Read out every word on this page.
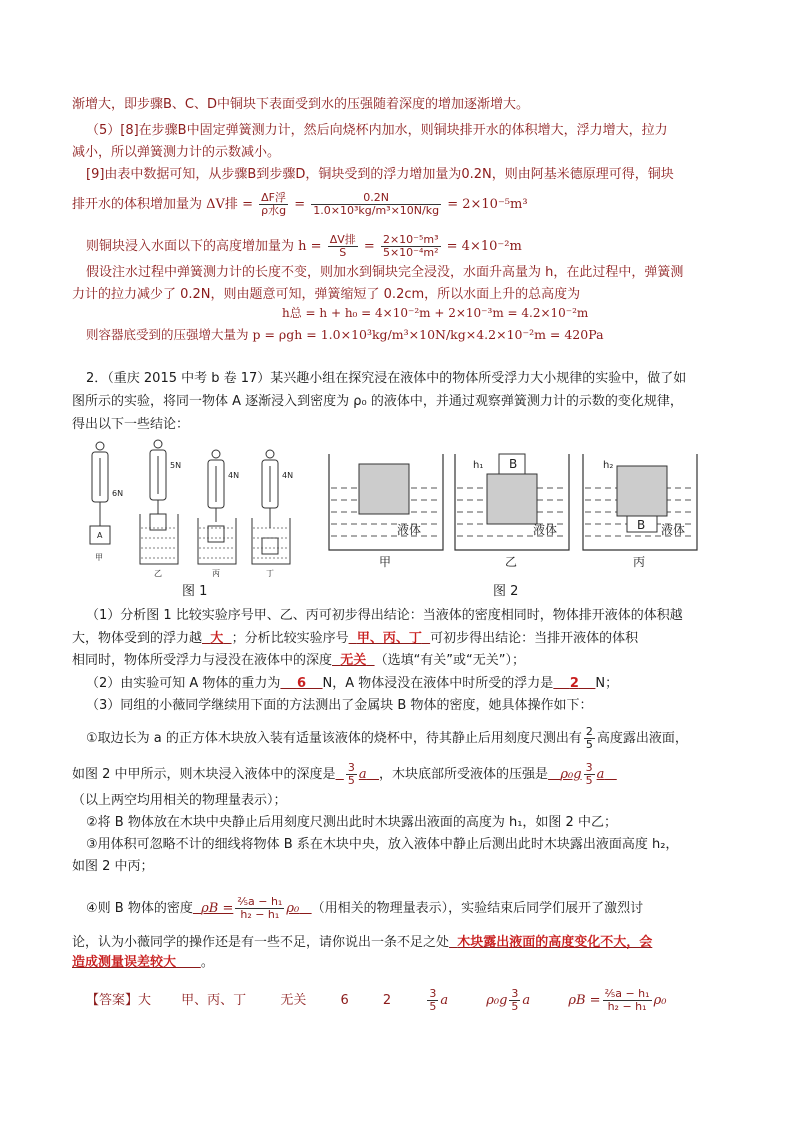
渐增大，即步骤B、C、D中铜块下表面受到水的压强随着深度的增加逐渐增大。
（5）[8]在步骤B中固定弹簧测力计，然后向烧杯内加水，则铜块排开水的体积增大，浮力增大，拉力
减小，所以弹簧测力计的示数减小。
[9]由表中数据可知，从步骤B到步骤D，铜块受到的浮力增加量为0.2N，则由阿基米德原理可得，铜块
排开水的体积增加量为 ΔV排 = $\frac{\text{ΔF浮}}{\text{ρ水g}} = \frac{0.2N}{\text{1.0×10³kg/m³×10N/kg}} = 2\times 10^{-5}m^3$
则铜块浸入水面以下的高度增加量为 $h = \frac{\text{ΔV排}}{S} = \frac{\text{2×10⁻⁵m³}}{\text{5×10⁻⁴m²}} = 4\times 10^{-2}m$
假设注水过程中弹簧测力计的长度不变，则加水到铜块完全浸没，水面升高量为 h，在此过程中，弹簧测
力计的拉力减少了 0.2N，则由题意可知，弹簧缩短了 0.2cm，所以水面上升的总高度为
h总 = h + h₀ = 4×10⁻²m + 2×10⁻³m = 4.2×10⁻²m
则容器底受到的压强增大量为 p = ρgh = 1.0×10³kg/m³×10N/kg×4.2×10⁻²m = 420Pa
2．（重庆 2015 中考 b 卷 17）某兴趣小组在探究浸在液体中的物体所受浮力大小规律的实验中，做了如
图所示的实验，将同一物体 A 逐渐浸入到密度为 ρ₀ 的液体中，并通过观察弹簧测力计的示数的变化规律，
得出以下一些结论：
6N
5N
4N	4N
A
甲
乙	丙	丁
图 1
B
B
h₁	h₂
液体	液体	液体
甲	乙	丙
图 2
（1）分析图 1 比较实验序号甲、乙、丙可初步得出结论：当液体的密度相同时，物体排开液体的体积越
大，物体受到的浮力越 大 ；分析比较实验序号 甲、丙、丁 可初步得出结论：当排开液体的体积
相同时，物体所受浮力与浸没在液体中的深度 无关 （选填“有关”或“无关”）；
（2）由实验可知 A 物体的重力为 6 N，A 物体浸没在液体中时所受的浮力是 2 N；
（3）同组的小薇同学继续用下面的方法测出了金属块 B 物体的密度，她具体操作如下：
①取边长为 a 的正方体木块放入装有适量该液体的烧杯中，待其静止后用刻度尺测出有 $\frac{2}{5}$ 高度露出液面，
如图 2 中甲所示，则木块浸入液体中的深度是 $\frac{3}{5}$ a ，木块底部所受液体的压强是 $\rho_0g \frac{3}{5}$ a
（以上两空均用相关的物理量表示）；
②将 B 物体放在木块中央静止后用刻度尺测出此时木块露出液面的高度为 h₁，如图 2 中乙；
③用体积可忽略不计的细线将物体 B 系在木块中央，放入液体中静止后测出此时木块露出液面高度 h₂，
如图 2 中丙；
④则 B 物体的密度 $\rho B = \frac{\text{⅖a − h₁}}{\text{h₂ − h₁}} \rho_0$ （用相关的物理量表示），实验结束后同学们展开了激烈讨
论，认为小薇同学的操作还是有一些不足，请你说出一条不足之处 木块露出液面的高度变化不大，会
造成测量误差较大 。
【答案】大 甲、丙、丁	无关	6	2	$\frac{3}{5}$ a	$\rho_0g \frac{3}{5}$ a	$\rho B = \frac{\text{⅖a − h₁}}{\text{h₂ − h₁}} \rho_0$
